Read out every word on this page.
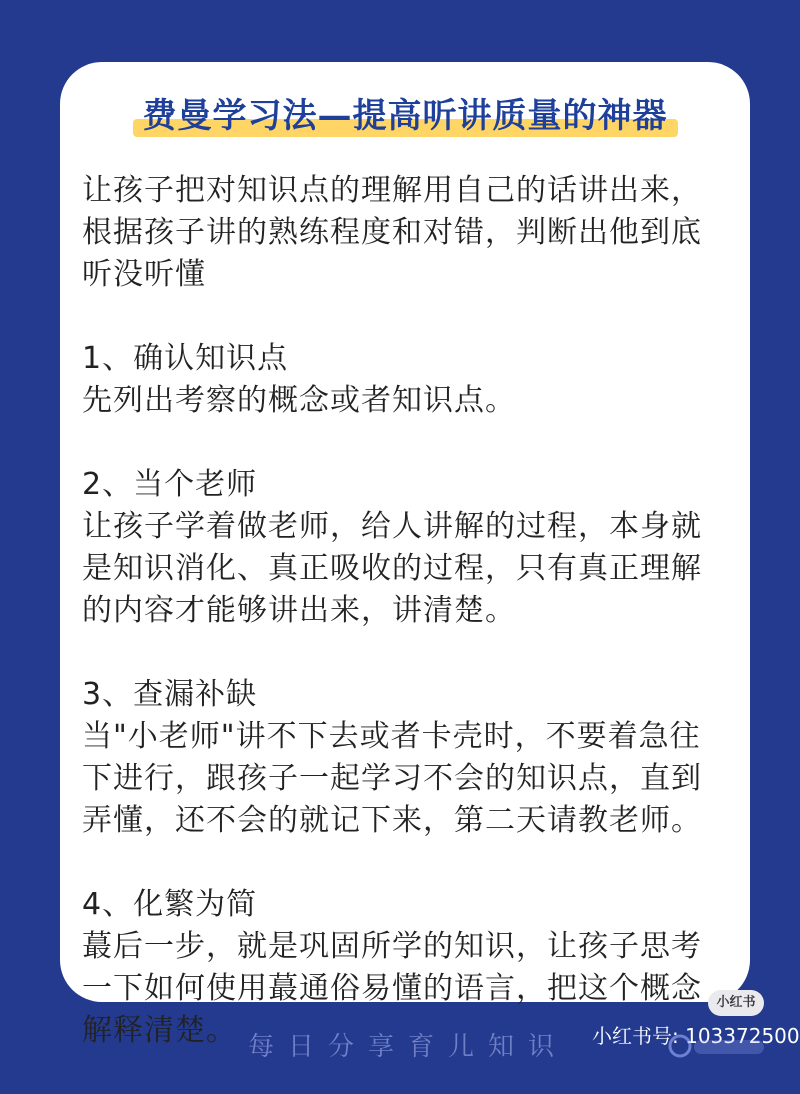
费曼学习法—提高听讲质量的神器

让孩子把对知识点的理解用自己的话讲出来，
根据孩子讲的熟练程度和对错，判断出他到底
听没听懂

1、确认知识点

先列出考察的概念或者知识点。

2、当个老师

让孩子学着做老师，给人讲解的过程，本身就
是知识消化、真正吸收的过程，只有真正理解
的内容才能够讲出来，讲清楚。

3、查漏补缺

当"小老师"讲不下去或者卡壳时，不要着急往
下进行，跟孩子一起学习不会的知识点，直到
弄懂，还不会的就记下来，第二天请教老师。

4、化繁为简

蕞后一步，就是巩固所学的知识，让孩子思考
一下如何使用蕞通俗易懂的语言，把这个概念
解释清楚。 每日分享育儿知识
小红书
小红书号: 103372500
